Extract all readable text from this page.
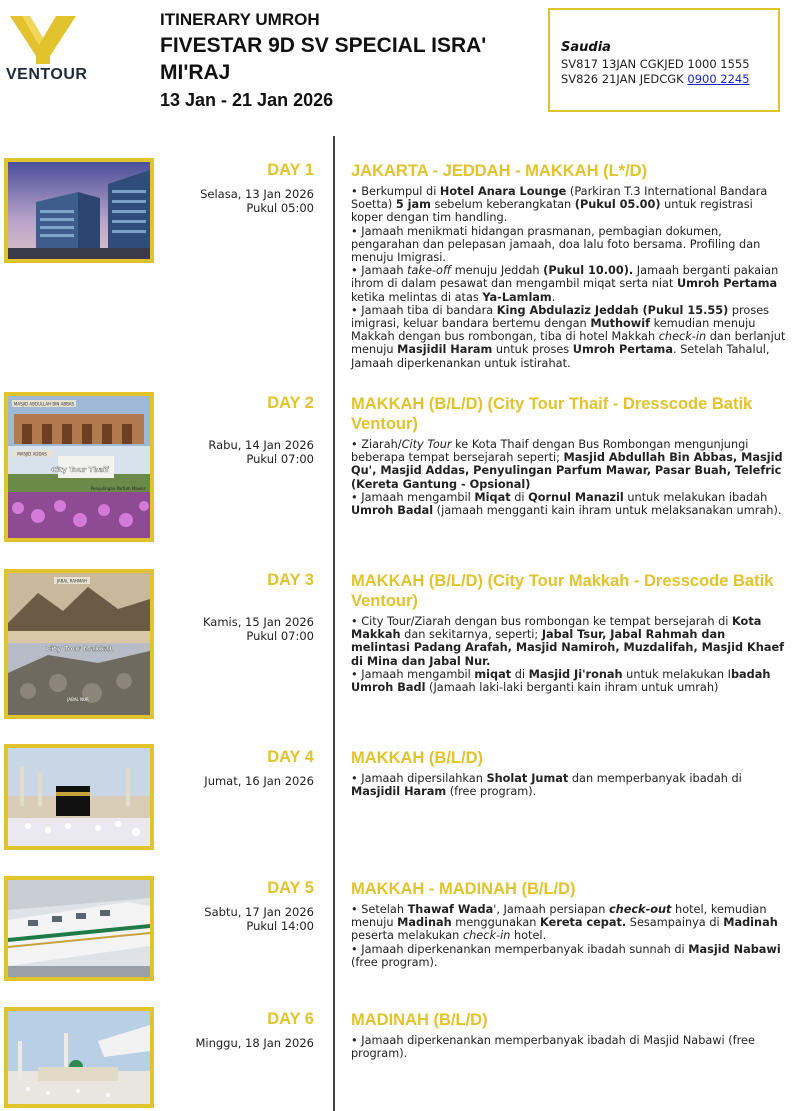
VENTOUR
ITINERARY UMROH
FIVESTAR 9D SV SPECIAL ISRA' MI'RAJ
13 Jan - 21 Jan 2026
Saudia
SV817 13JAN CGKJED 1000 1555
SV826 21JAN JEDCGK 0900 2245
DAY 1
Selasa, 13 Jan 2026
Pukul 05:00
JAKARTA - JEDDAH - MAKKAH (L*/D)

• Berkumpul di Hotel Anara Lounge (Parkiran T.3 International Bandara Soetta) 5 jam sebelum keberangkatan (Pukul 05.00) untuk registrasi koper dengan tim handling.

• Jamaah menikmati hidangan prasmanan, pembagian dokumen, pengarahan dan pelepasan jamaah, doa lalu foto bersama. Profiling dan menuju Imigrasi.

• Jamaah take-off menuju Jeddah (Pukul 10.00). Jamaah berganti pakaian ihrom di dalam pesawat dan mengambil miqat serta niat Umroh Pertama ketika melintas di atas Ya-Lamlam.

• Jamaah tiba di bandara King Abdulaziz Jeddah (Pukul 15.55) proses imigrasi, keluar bandara bertemu dengan Muthowif kemudian menuju Makkah dengan bus rombongan, tiba di hotel Makkah check-in dan berlanjut menuju Masjidil Haram untuk proses Umroh Pertama. Setelah Tahalul, Jamaah diperkenankan untuk istirahat.

MASJID ABDULLAH BIN ABBAS
MASJID ADDAS
City Tour Thaif
Penyulingan Parfum Mawar
DAY 2
Rabu, 14 Jan 2026
Pukul 07:00
MAKKAH (B/L/D) (City Tour Thaif - Dresscode Batik Ventour)

• Ziarah/City Tour ke Kota Thaif dengan Bus Rombongan mengunjungi beberapa tempat bersejarah seperti; Masjid Abdullah Bin Abbas, Masjid Qu', Masjid Addas, Penyulingan Parfum Mawar, Pasar Buah, Telefric (Kereta Gantung - Opsional)

• Jamaah mengambil Miqat di Qornul Manazil untuk melakukan ibadah Umroh Badal (jamaah mengganti kain ihram untuk melaksanakan umrah).

JABAL RAHMAH
City Tour Makkah
JABAL NUR
DAY 3
Kamis, 15 Jan 2026
Pukul 07:00
MAKKAH (B/L/D) (City Tour Makkah - Dresscode Batik Ventour)

• City Tour/Ziarah dengan bus rombongan ke tempat bersejarah di Kota Makkah dan sekitarnya, seperti; Jabal Tsur, Jabal Rahmah dan melintasi Padang Arafah, Masjid Namiroh, Muzdalifah, Masjid Khaef di Mina dan Jabal Nur.

• Jamaah mengambil miqat di Masjid Ji'ronah untuk melakukan Ibadah Umroh Badl (Jamaah laki-laki berganti kain ihram untuk umrah)

DAY 4
Jumat, 16 Jan 2026
MAKKAH (B/L/D)

• Jamaah dipersilahkan Sholat Jumat dan memperbanyak ibadah di Masjidil Haram (free program).

DAY 5
Sabtu, 17 Jan 2026
Pukul 14:00
MAKKAH - MADINAH (B/L/D)

• Setelah Thawaf Wada', Jamaah persiapan check-out hotel, kemudian menuju Madinah menggunakan Kereta cepat. Sesampainya di Madinah peserta melakukan check-in hotel.

• Jamaah diperkenankan memperbanyak ibadah sunnah di Masjid Nabawi (free program).

DAY 6
Minggu, 18 Jan 2026
MADINAH (B/L/D)

• Jamaah diperkenankan memperbanyak ibadah di Masjid Nabawi (free program).
